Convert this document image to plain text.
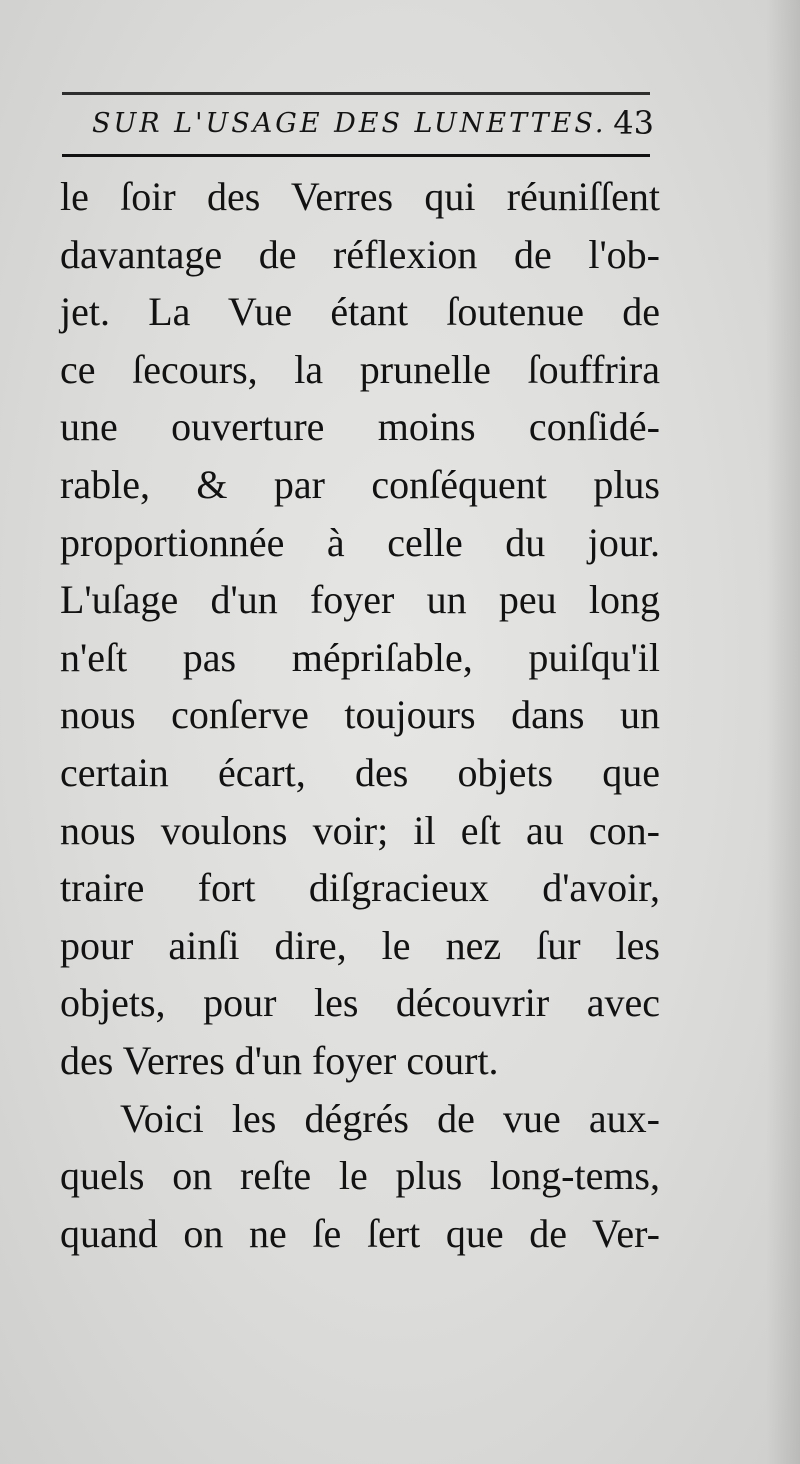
SUR L'USAGE DES LUNETTES. 43
le ſoir des Verres qui réuniſſent
davantage de réflexion de l'ob-
jet. La Vue étant ſoutenue de
ce ſecours, la prunelle ſouffrira
une ouverture moins conſidé-
rable, & par conſéquent plus
proportionnée à celle du jour.
L'uſage d'un foyer un peu long
n'eſt pas mépriſable, puiſqu'il
nous conſerve toujours dans un
certain écart, des objets que
nous voulons voir; il eſt au con-
traire fort diſgracieux d'avoir,
pour ainſi dire, le nez ſur les
objets, pour les découvrir avec
des Verres d'un foyer court.
Voici les dégrés de vue aux-
quels on reſte le plus long-tems,
quand on ne ſe ſert que de Ver-
